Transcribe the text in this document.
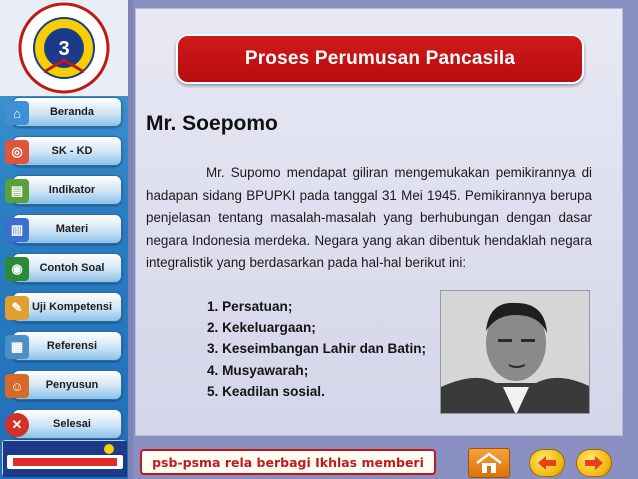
3
⌂	Beranda
◎	SK - KD
▤	Indikator
▥	Materi
◉	Contoh Soal
✎ Uji Kompetensi
▦	Referensi
☺	Penyusun
✕	Selesai
Proses Perumusan Pancasila
Mr. Soepomo

Mr. Supomo mendapat giliran mengemukakan pemikirannya di hadapan sidang BPUPKI pada tanggal 31 Mei 1945. Pemikirannya berupa penjelasan tentang masalah-masalah yang berhubungan dengan dasar negara Indonesia merdeka. Negara yang akan dibentuk hendaklah negara integralistik yang berdasarkan pada hal-hal berikut ini:

1. Persatuan;
2. Kekeluargaan;
3. Keseimbangan Lahir dan Batin;
4. Musyawarah;
5. Keadilan sosial.
psb-psma rela berbagi Ikhlas memberi
